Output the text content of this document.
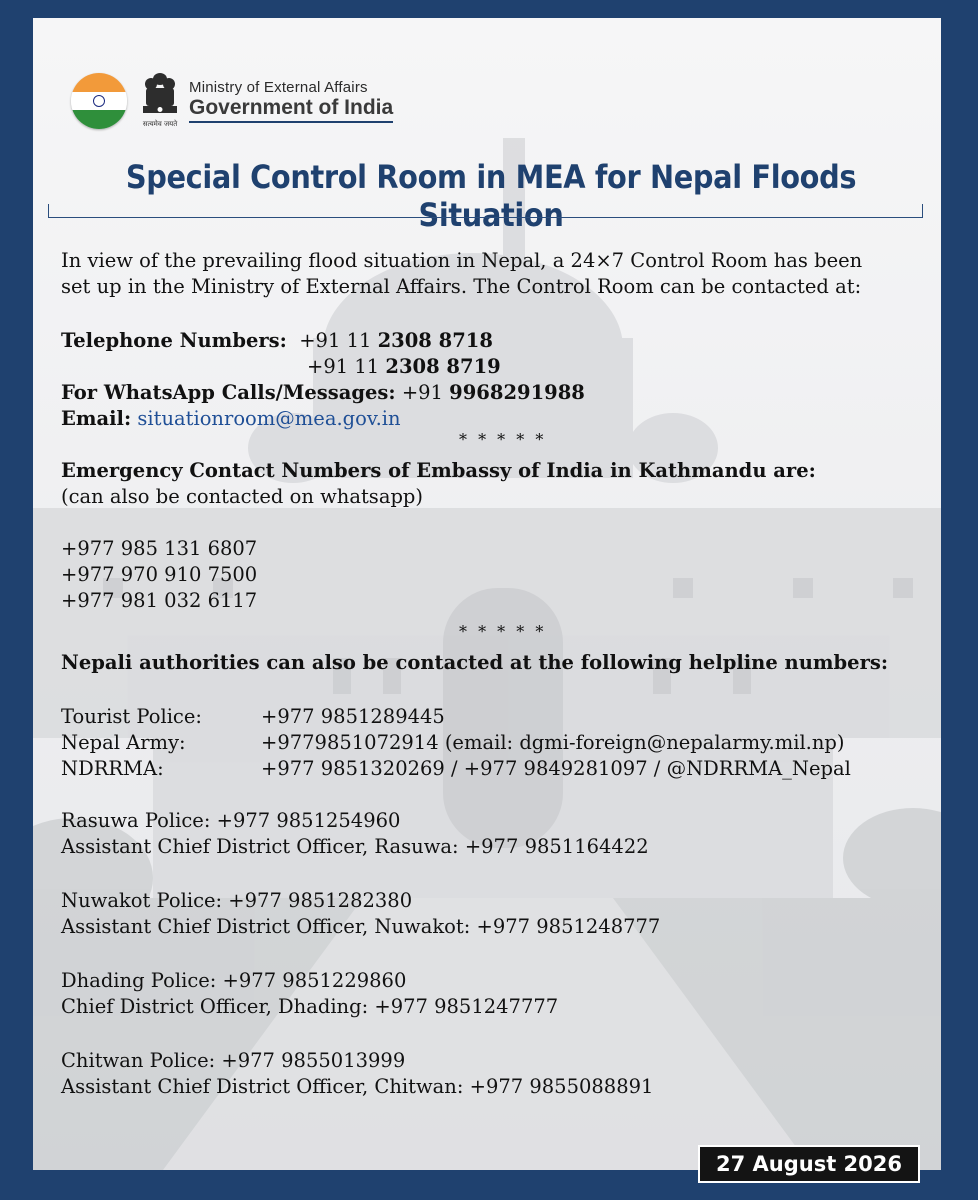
सत्यमेव जयते
Ministry of External Affairs
Government of India
Special Control Room in MEA for Nepal Floods Situation
In view of the prevailing flood situation in Nepal, a 24×7 Control Room has been
set up in the Ministry of External Affairs. The Control Room can be contacted at:
Telephone Numbers: +91 11 2308 8718
+91 11 2308 8719
For WhatsApp Calls/Messages: +91 9968291988
Email: situationroom@mea.gov.in
* * * * *
Emergency Contact Numbers of Embassy of India in Kathmandu are:
(can also be contacted on whatsapp)
+977 985 131 6807
+977 970 910 7500
+977 981 032 6117
* * * * *
Nepali authorities can also be contacted at the following helpline numbers:
Tourist Police:	+977 9851289445
Nepal Army:	+9779851072914 (email: dgmi-foreign@nepalarmy.mil.np)
NDRRMA:	+977 9851320269 / +977 9849281097 / @NDRRMA_Nepal
Rasuwa Police: +977 9851254960
Assistant Chief District Officer, Rasuwa: +977 9851164422
Nuwakot Police: +977 9851282380
Assistant Chief District Officer, Nuwakot: +977 9851248777
Dhading Police: +977 9851229860
Chief District Officer, Dhading: +977 9851247777
Chitwan Police: +977 9855013999
Assistant Chief District Officer, Chitwan: +977 9855088891
27 August 2026
